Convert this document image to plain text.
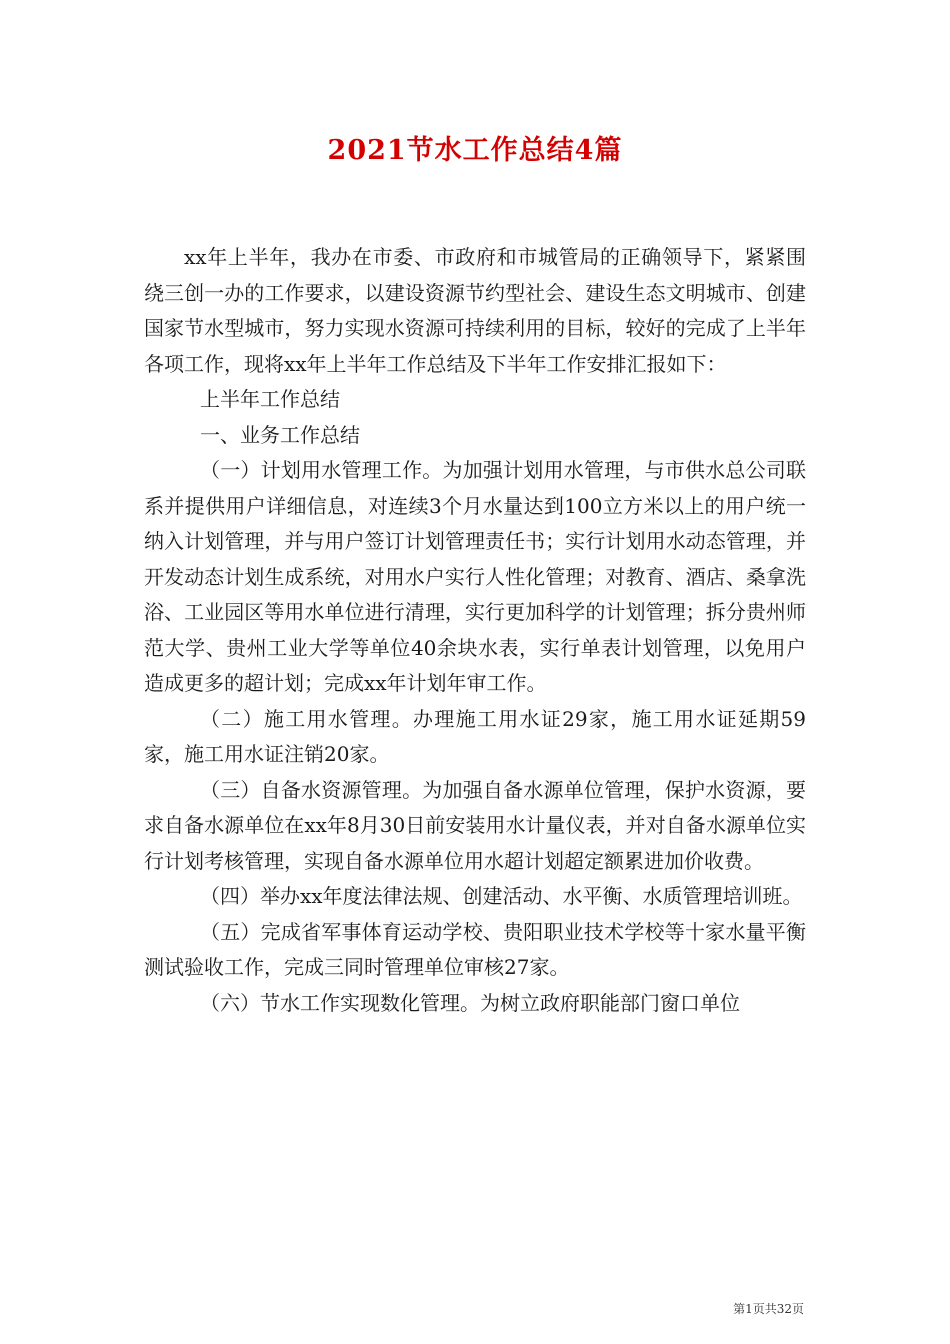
2021节水工作总结4篇

xx年上半年，我办在市委、市政府和市城管局的正确领导下，紧紧围绕三创一办的工作要求，以建设资源节约型社会、建设生态文明城市、创建国家节水型城市，努力实现水资源可持续利用的目标，较好的完成了上半年各项工作，现将xx年上半年工作总结及下半年工作安排汇报如下：

上半年工作总结

一、业务工作总结

（一）计划用水管理工作。为加强计划用水管理，与市供水总公司联系并提供用户详细信息，对连续3个月水量达到100立方米以上的用户统一纳入计划管理，并与用户签订计划管理责任书；实行计划用水动态管理，并开发动态计划生成系统，对用水户实行人性化管理；对教育、酒店、桑拿洗浴、工业园区等用水单位进行清理，实行更加科学的计划管理；拆分贵州师范大学、贵州工业大学等单位40余块水表，实行单表计划管理，以免用户造成更多的超计划；完成xx年计划年审工作。

（二）施工用水管理。办理施工用水证29家，施工用水证延期59家，施工用水证注销20家。

（三）自备水资源管理。为加强自备水源单位管理，保护水资源，要求自备水源单位在xx年8月30日前安装用水计量仪表，并对自备水源单位实行计划考核管理，实现自备水源单位用水超计划超定额累进加价收费。

（四）举办xx年度法律法规、创建活动、水平衡、水质管理培训班。

（五）完成省军事体育运动学校、贵阳职业技术学校等十家水量平衡测试验收工作，完成三同时管理单位审核27家。

（六）节水工作实现数化管理。为树立政府职能部门窗口单位

第1页共32页
